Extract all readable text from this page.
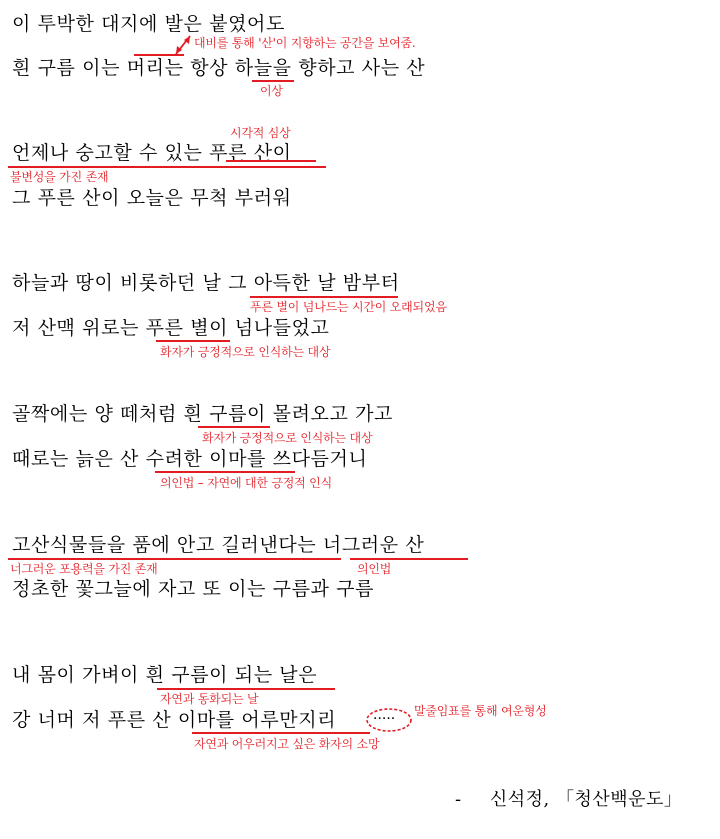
이 투박한 대지에 발은 붙였어도
흰 구름 이는 머리는 항상 하늘을 향하고 사는 산
언제나 숭고할 수 있는 푸른 산이
그 푸른 산이 오늘은 무척 부러워
하늘과 땅이 비롯하던 날 그 아득한 날 밤부터
저 산맥 위로는 푸른 별이 넘나들었고
골짝에는 양 떼처럼 흰 구름이 몰려오고 가고
때로는 늙은 산 수려한 이마를 쓰다듬거니
고산식물들을 품에 안고 길러낸다는 너그러운 산
정초한 꽃그늘에 자고 또 이는 구름과 구름
내 몸이 가벼이 흰 구름이 되는 날은
강 너머 저 푸른 산 이마를 어루만지리	·····
대비를 통해 '산'이 지향하는 공간을 보여줌.
이상
시각적 심상
불변성을 가진 존재
푸른 별이 넘나드는 시간이 오래되었음
화자가 긍정적으로 인식하는 대상
화자가 긍정적으로 인식하는 대상
의인법 – 자연에 대한 긍정적 인식
너그러운 포용력을 가진 존재	의인법
말줄임표를 통해 여운형성
자연과 동화되는 날
자연과 어우러지고 싶은 화자의 소망
- 신석정, 「청산백운도」
